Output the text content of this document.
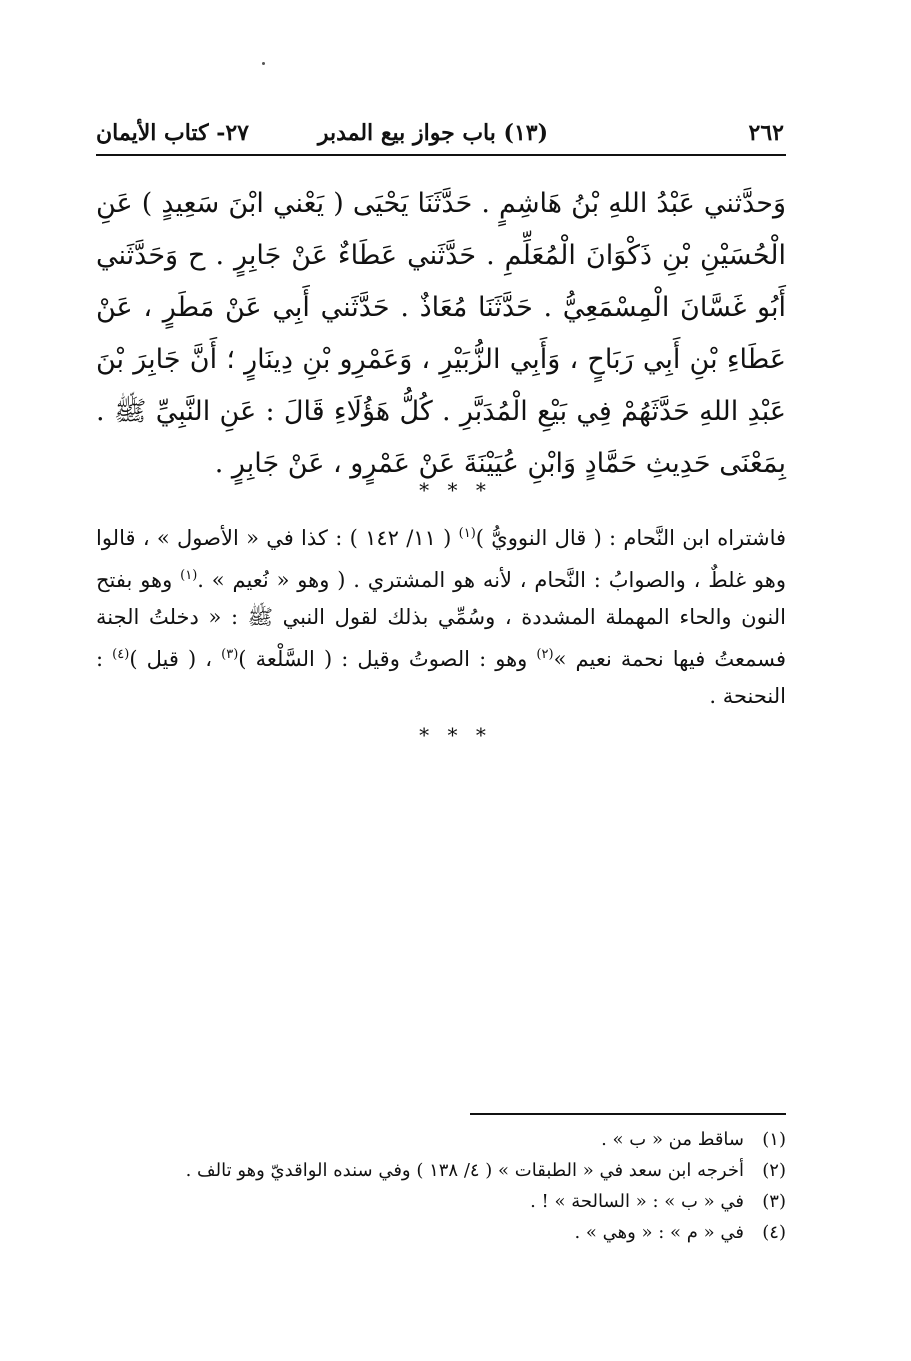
٢٦٢
(١٣) باب جواز بيع المدبر
٢٧- كتاب الأيمان

وَحدَّثني عَبْدُ اللهِ بْنُ هَاشِمٍ . حَدَّثَنَا يَحْيَى ( يَعْني ابْنَ سَعِيدٍ ) عَنِ الْحُسَيْنِ بْنِ ذَكْوَانَ الْمُعَلِّمِ . حَدَّثَني عَطَاءٌ عَنْ جَابِرٍ . ح وَحَدَّثَني أَبُو غَسَّانَ الْمِسْمَعِيُّ . حَدَّثَنَا مُعَاذٌ . حَدَّثَني أَبِي عَنْ مَطَرٍ ، عَنْ عَطَاءِ بْنِ أَبِي رَبَاحٍ ، وَأَبِي الزُّبَيْرِ ، وَعَمْرِو بْنِ دِينَارٍ ؛ أَنَّ جَابِرَ بْنَ عَبْدِ اللهِ حَدَّثَهُمْ فِي بَيْعِ الْمُدَبَّرِ . كُلُّ هَؤُلَاءِ قَالَ : عَنِ النَّبِيِّ ﷺ . بِمَعْنَى حَدِيثِ حَمَّادٍ وَابْنِ عُيَيْنَةَ عَنْ عَمْرٍو ، عَنْ جَابِرٍ .

* * *

فاشتراه ابن النَّحام : ( قال النوويُّ )$^{(١)}$ ( ١١/ ١٤٢ ) : كذا في « الأصول » ، قالوا وهو غلطٌ ، والصوابُ : النَّحام ، لأنه هو المشتري . ( وهو « نُعيم » .$^{(١)}$ وهو بفتح النون والحاء المهملة المشددة ، وسُمِّي بذلك لقول النبي ﷺ : « دخلتُ الجنة فسمعتُ فيها نحمة نعيم »$^{(٢)}$ وهو : الصوتُ وقيل : ( السَّلْعة )$^{(٣)}$ ، ( قيل )$^{(٤)}$ : النحنحة .

* * *
(١)
ساقط من « ب » .
(٢)
أخرجه ابن سعد في « الطبقات » ( ٤/ ١٣٨ ) وفي سنده الواقديّ وهو تالف .
(٣)
في « ب » : « السالحة » ! .
(٤)
في « م » : « وهي » .
